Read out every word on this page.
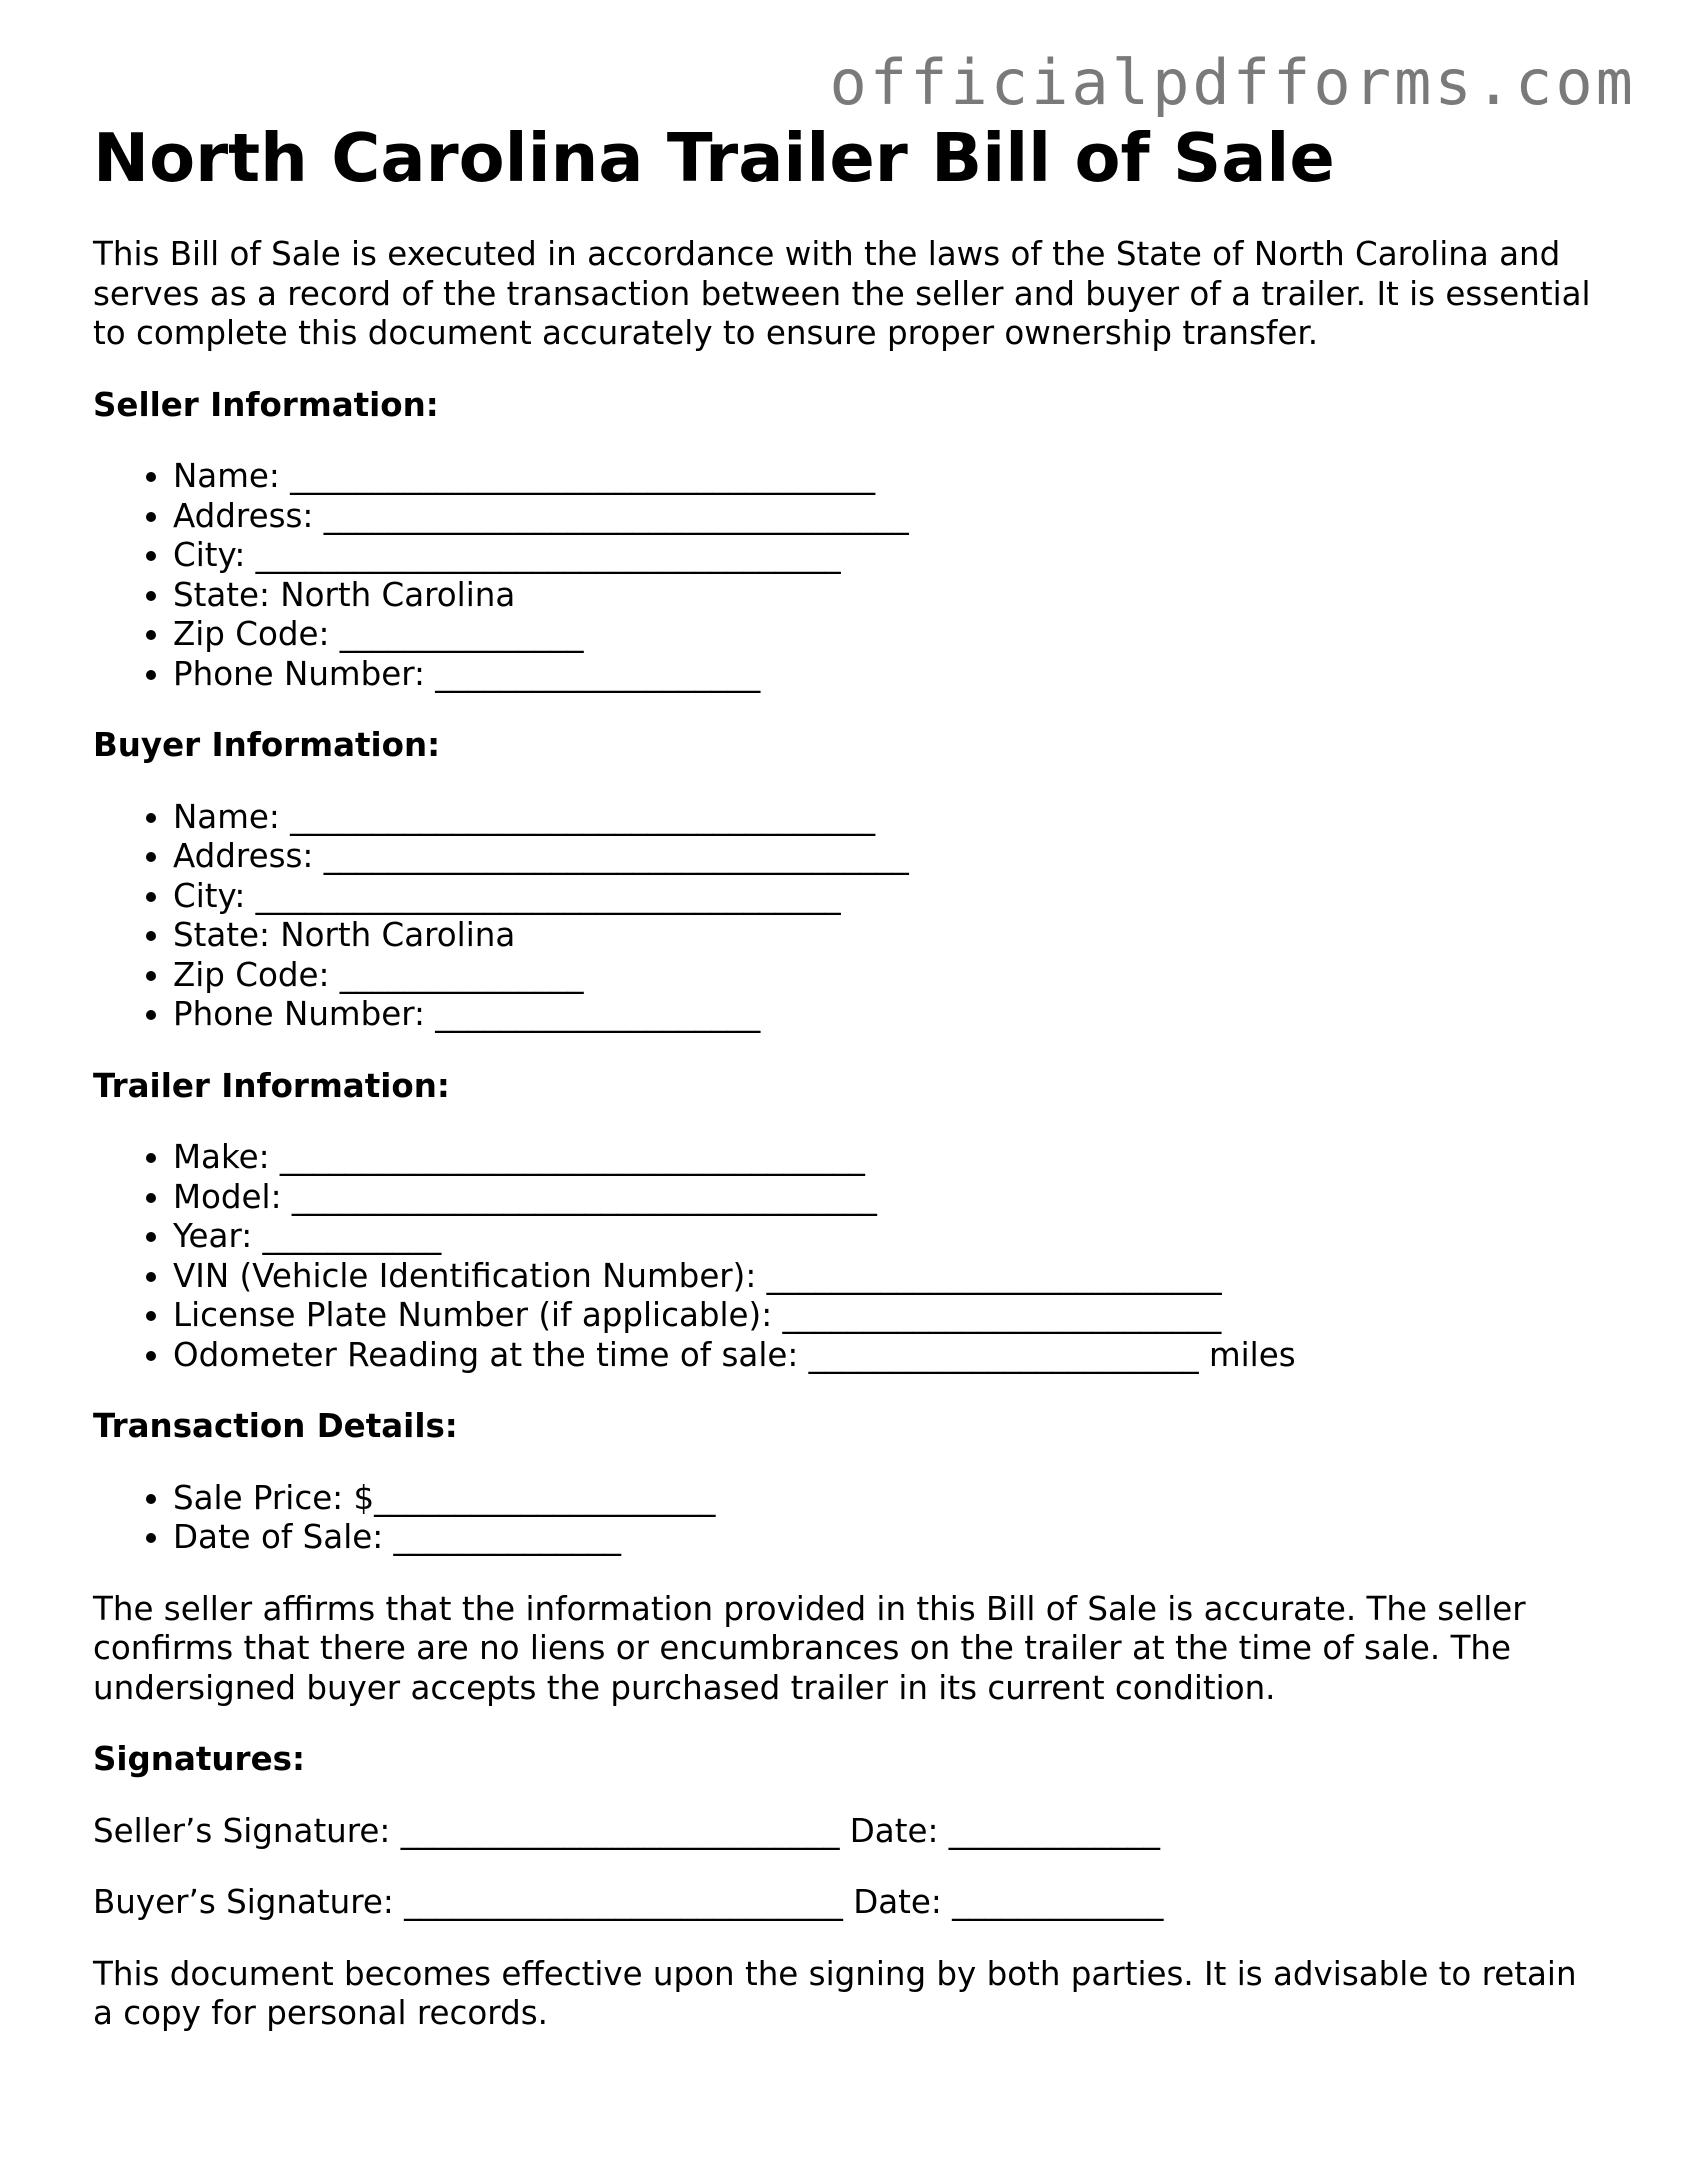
officialpdfforms.com
North Carolina Trailer Bill of Sale

This Bill of Sale is executed in accordance with the laws of the State of North Carolina and serves as a record of the transaction between the seller and buyer of a trailer. It is essential to complete this document accurately to ensure proper ownership transfer.

Seller Information:

• Name: ____________________________________
• Address: ____________________________________
• City: ____________________________________
• State: North Carolina
• Zip Code: _______________
• Phone Number: ____________________

Buyer Information:

• Name: ____________________________________
• Address: ____________________________________
• City: ____________________________________
• State: North Carolina
• Zip Code: _______________
• Phone Number: ____________________

Trailer Information:

• Make: ____________________________________
• Model: ____________________________________
• Year: ___________
• VIN (Vehicle Identification Number): ____________________________
• License Plate Number (if applicable): ___________________________
• Odometer Reading at the time of sale: ________________________ miles

Transaction Details:

• Sale Price: $_____________________
• Date of Sale: ______________

The seller affirms that the information provided in this Bill of Sale is accurate. The seller confirms that there are no liens or encumbrances on the trailer at the time of sale. The undersigned buyer accepts the purchased trailer in its current condition.

Signatures:

Seller’s Signature: ___________________________ Date: _____________

Buyer’s Signature: ___________________________ Date: _____________

This document becomes effective upon the signing by both parties. It is advisable to retain a copy for personal records.
